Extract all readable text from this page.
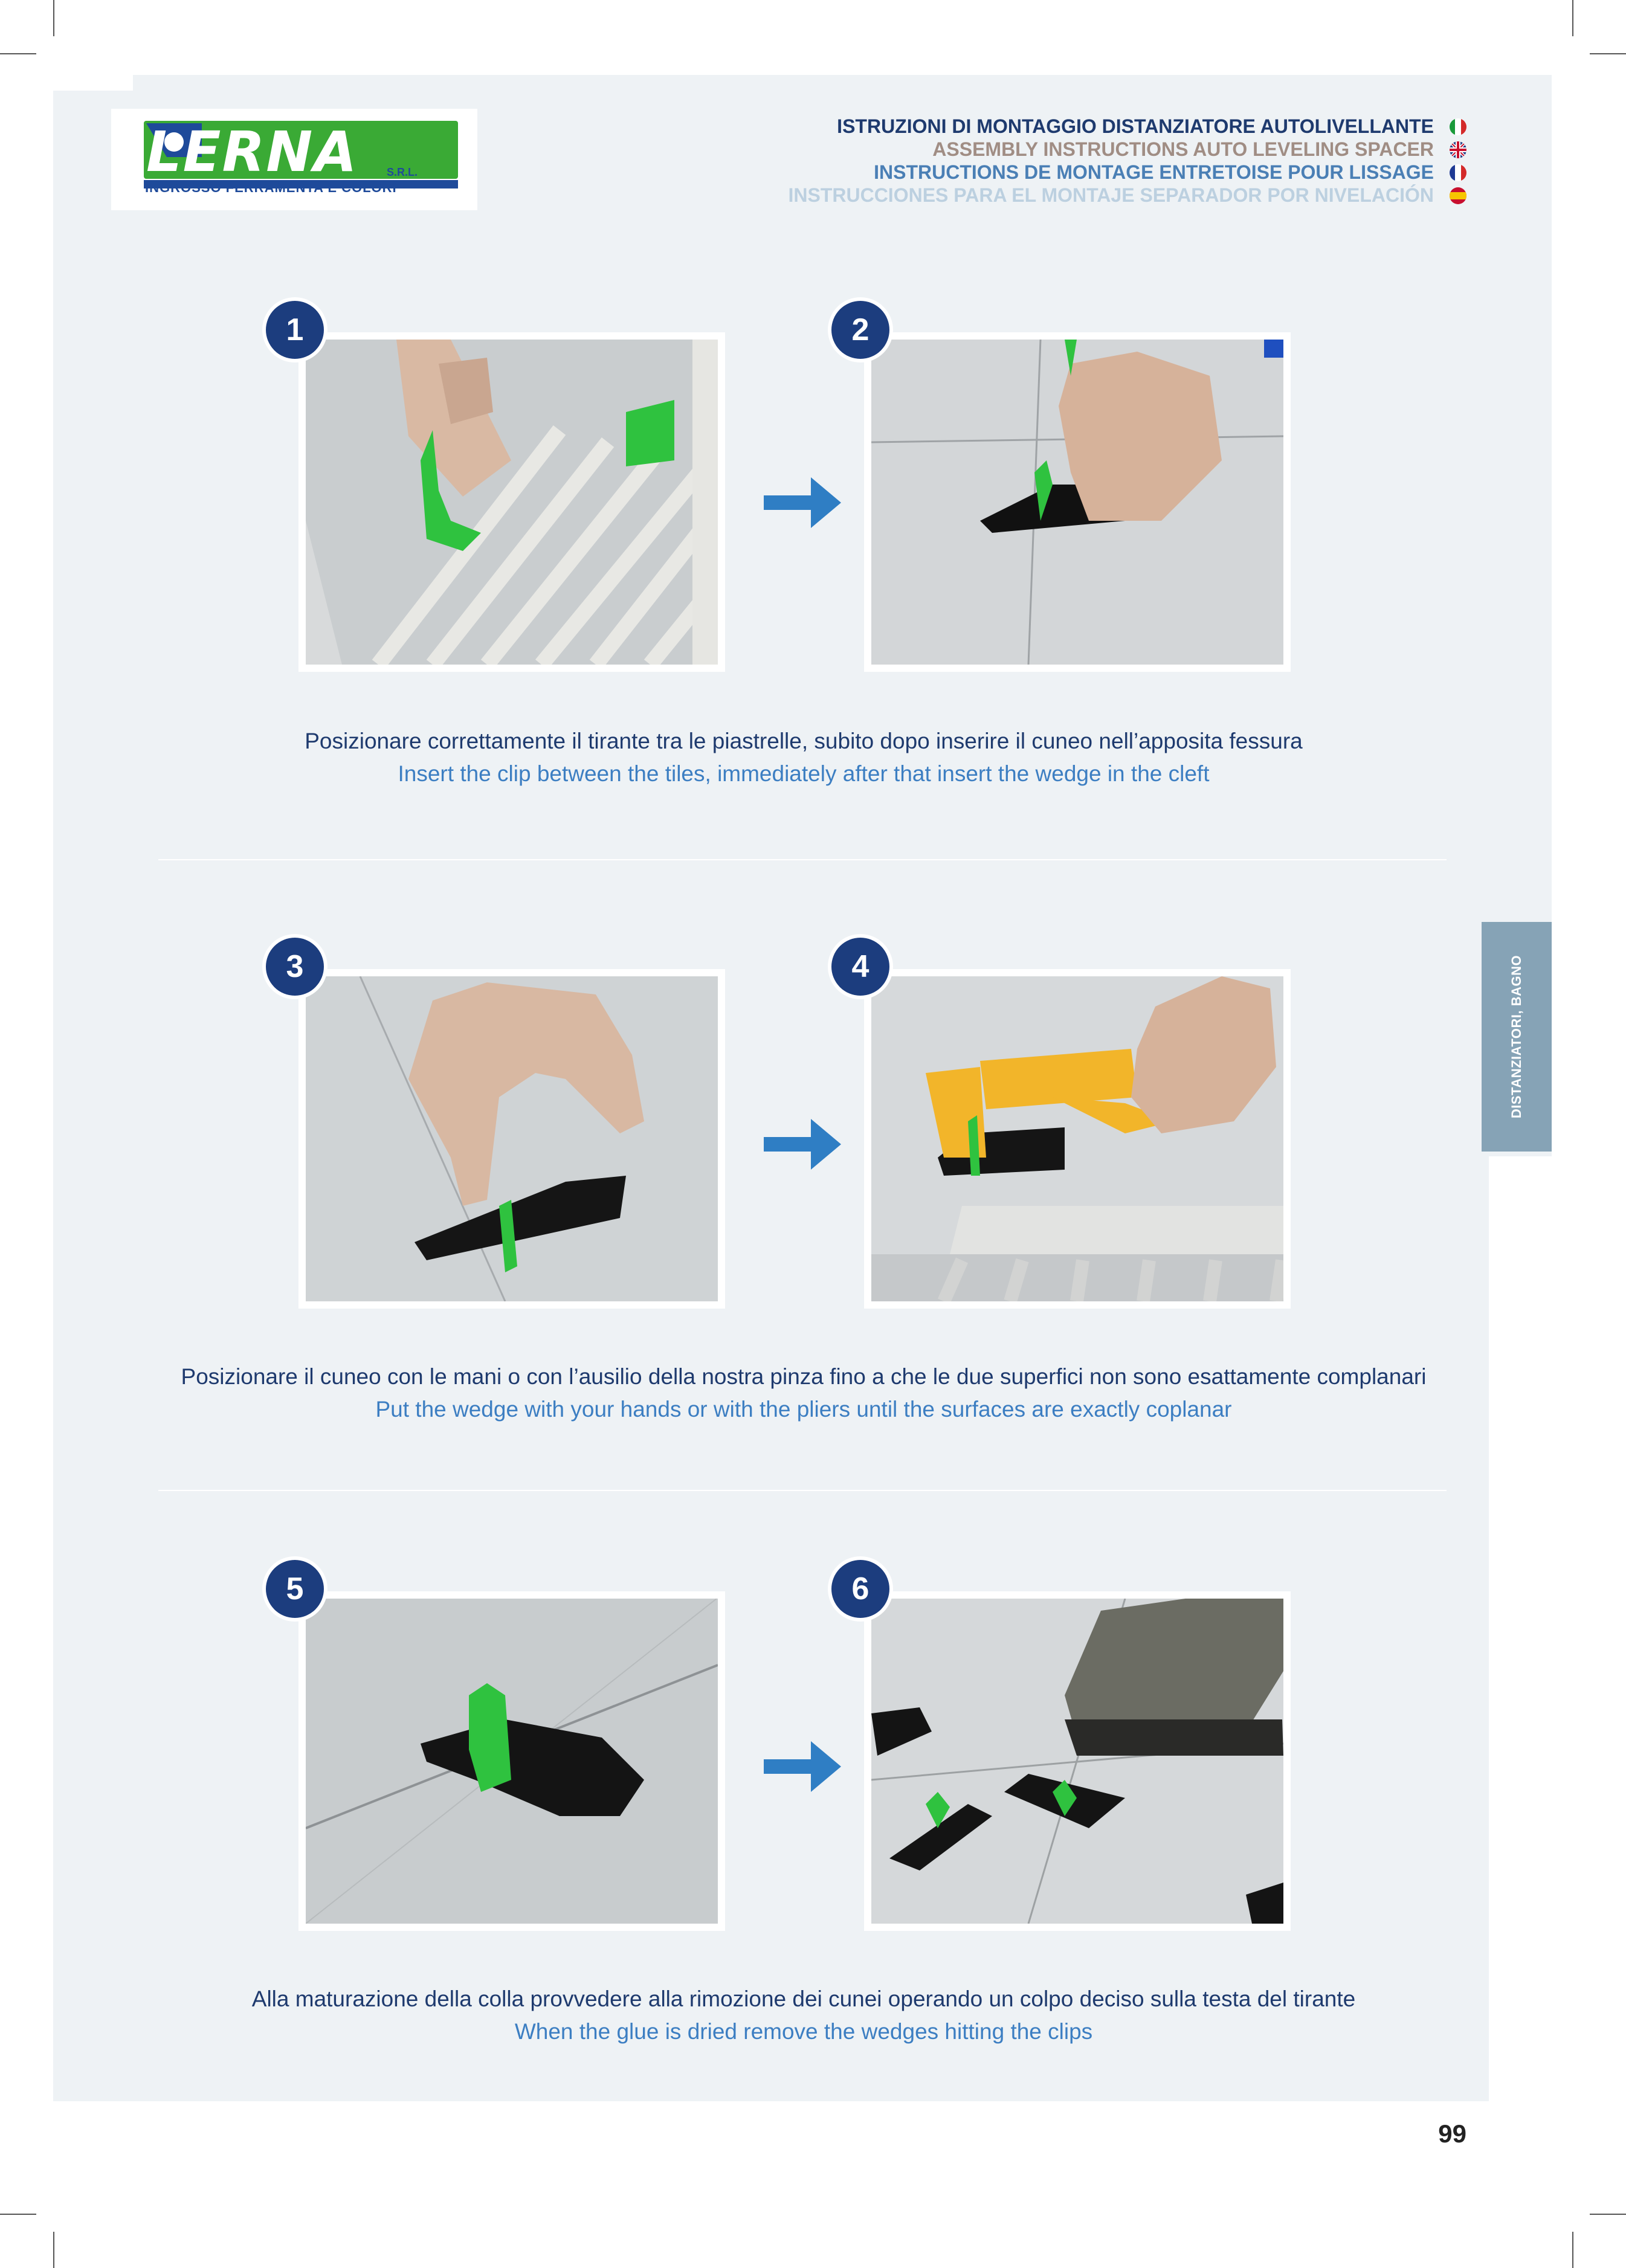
LERNA	S.R.L.
INGROSSO FERRAMENTA E COLORI
ISTRUZIONI DI MONTAGGIO DISTANZIATORE AUTOLIVELLANTE
ASSEMBLY INSTRUCTIONS AUTO LEVELING SPACER
INSTRUCTIONS DE MONTAGE ENTRETOISE POUR LISSAGE
INSTRUCCIONES PARA EL MONTAJE SEPARADOR POR NIVELACIÓN
DISTANZIATORI, BAGNO
1	2
Posizionare correttamente il tirante tra le piastrelle, subito dopo inserire il cuneo nell’apposita fessura
Insert the clip between the tiles, immediately after that insert the wedge in the cleft
3	4
Posizionare il cuneo con le mani o con l’ausilio della nostra pinza fino a che le due superfici non sono esattamente complanari
Put the wedge with your hands or with the pliers until the surfaces are exactly coplanar
5	6
Alla maturazione della colla provvedere alla rimozione dei cunei operando un colpo deciso sulla testa del tirante
When the glue is dried remove the wedges hitting the clips
99
